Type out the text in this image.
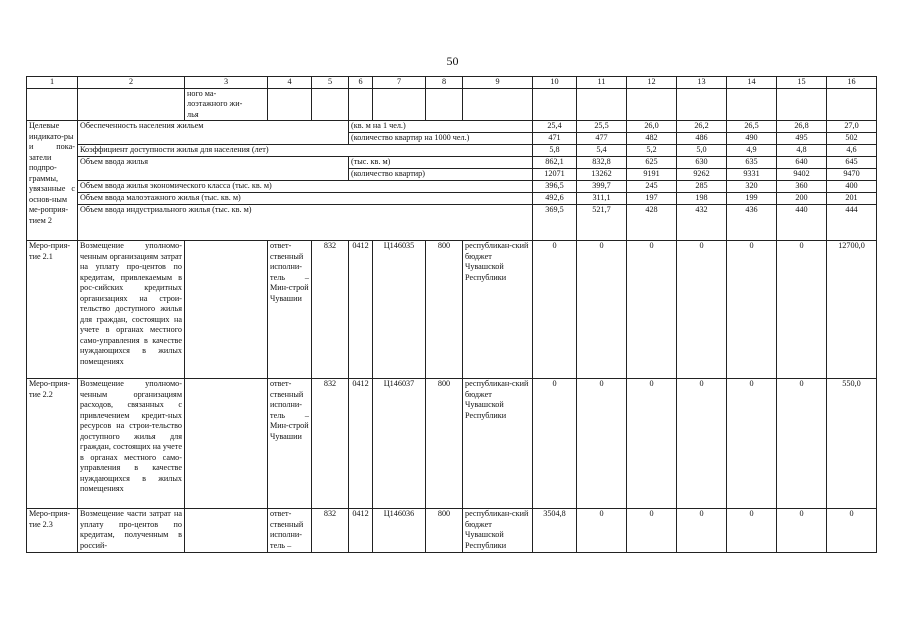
50
1	2	3	4	5	6	7	8	9	10	11	12	13	14	15	16
		ного ма-
лоэтажного жи-
лья													
Целевые индикато-ры и пока-затели подпро-граммы, увязанные с основ-ным ме-роприя-тием 2	Обеспеченность населения жильем				(кв. м на 1 чел.)				25,4	25,5	26,0	26,2	26,5	26,8	27,0
					(количество квартир на 1000 чел.)				471	477	482	486	490	495	502
	Коэффициент доступности жилья для населения (лет)								5,8	5,4	5,2	5,0	4,9	4,8	4,6
	Объем ввода жилья				(тыс. кв. м)				862,1	832,8	625	630	635	640	645
					(количество квартир)				12071	13262	9191	9262	9331	9402	9470
	Объем ввода жилья экономического класса (тыс. кв. м)								396,5	399,7	245	285	320	360	400
	Объем ввода малоэтажного жилья (тыс. кв. м)								492,6	311,1	197	198	199	200	201
	Объем ввода индустриального жилья (тыс. кв. м)								369,5	521,7	428	432	436	440	444
Меро-прия-тие 2.1	Возмещение уполномо-ченным организациям затрат на уплату про-центов по кредитам, привлекаемым в рос-сийских кредитных организациях на строи-тельство доступного жилья для граждан, состоящих на учете в органах местного само-управления в качестве нуждающихся в жилых помещениях		ответ-ственный исполни-тель – Мин-строй Чувашии	832	0412	Ц146035	800	республикан-ский бюджет Чувашской Республики	0	0	0	0	0	0	12700,0
Меро-прия-тие 2.2	Возмещение уполномо-ченным организациям расходов, связанных с привлечением кредит-ных ресурсов на строи-тельство доступного жилья для граждан, состоящих на учете в органах местного само-управления в качестве нуждающихся в жилых помещениях		ответ-ственный исполни-тель – Мин-строй Чувашии	832	0412	Ц146037	800	республикан-ский бюджет Чувашской Республики	0	0	0	0	0	0	550,0
Меро-прия-тие 2.3	Возмещение части затрат на уплату про-центов по кредитам, полученным в россий-		ответ-ственный исполни-тель –	832	0412	Ц146036	800	республикан-ский бюджет Чувашской Республики	3504,8	0	0	0	0	0	0
